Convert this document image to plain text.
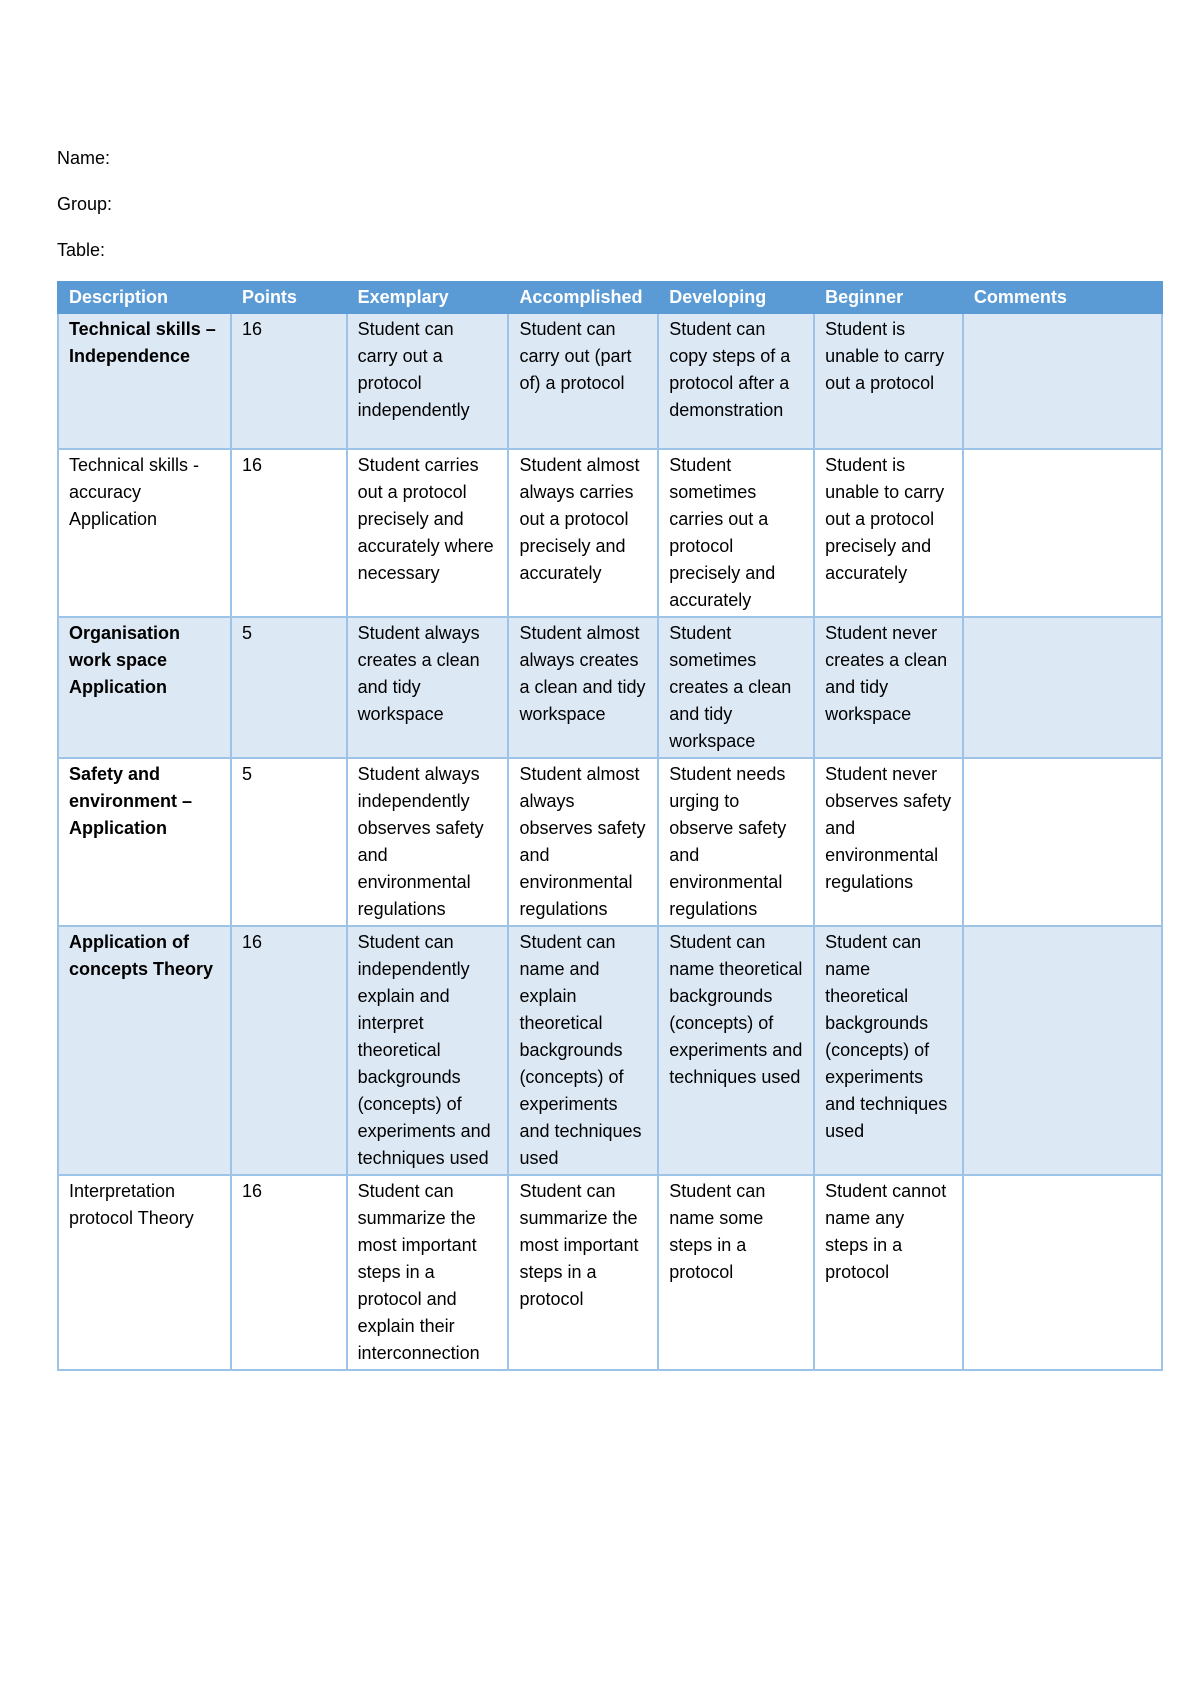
Name:
Group:
Table:
Description	Points	Exemplary	Accomplished	Developing	Beginner	Comments
Technical skills – Independence	16	Student can carry out a protocol independently	Student can carry out (part of) a protocol	Student can copy steps of a protocol after a demonstration	Student is unable to carry out a protocol	
Technical skills - accuracy Application	16	Student carries out a protocol precisely and accurately where necessary	Student almost always carries out a protocol precisely and accurately	Student sometimes carries out a protocol precisely and accurately	Student is unable to carry out a protocol precisely and accurately	
Organisation work space Application	5	Student always creates a clean and tidy workspace	Student almost always creates a clean and tidy workspace	Student sometimes creates a clean and tidy workspace	Student never creates a clean and tidy workspace	
Safety and environment – Application	5	Student always independently observes safety and environmental regulations	Student almost always observes safety and environmental regulations	Student needs urging to observe safety and environmental regulations	Student never observes safety and environmental regulations	
Application of concepts Theory	16	Student can independently explain and interpret theoretical backgrounds (concepts) of experiments and techniques used	Student can name and explain theoretical backgrounds (concepts) of experiments and techniques used	Student can name theoretical backgrounds (concepts) of experiments and techniques used	Student can name theoretical backgrounds (concepts) of experiments and techniques used	
Interpretation protocol Theory	16	Student can summarize the most important steps in a protocol and explain their interconnection	Student can summarize the most important steps in a protocol	Student can name some steps in a protocol	Student cannot name any steps in a protocol	
